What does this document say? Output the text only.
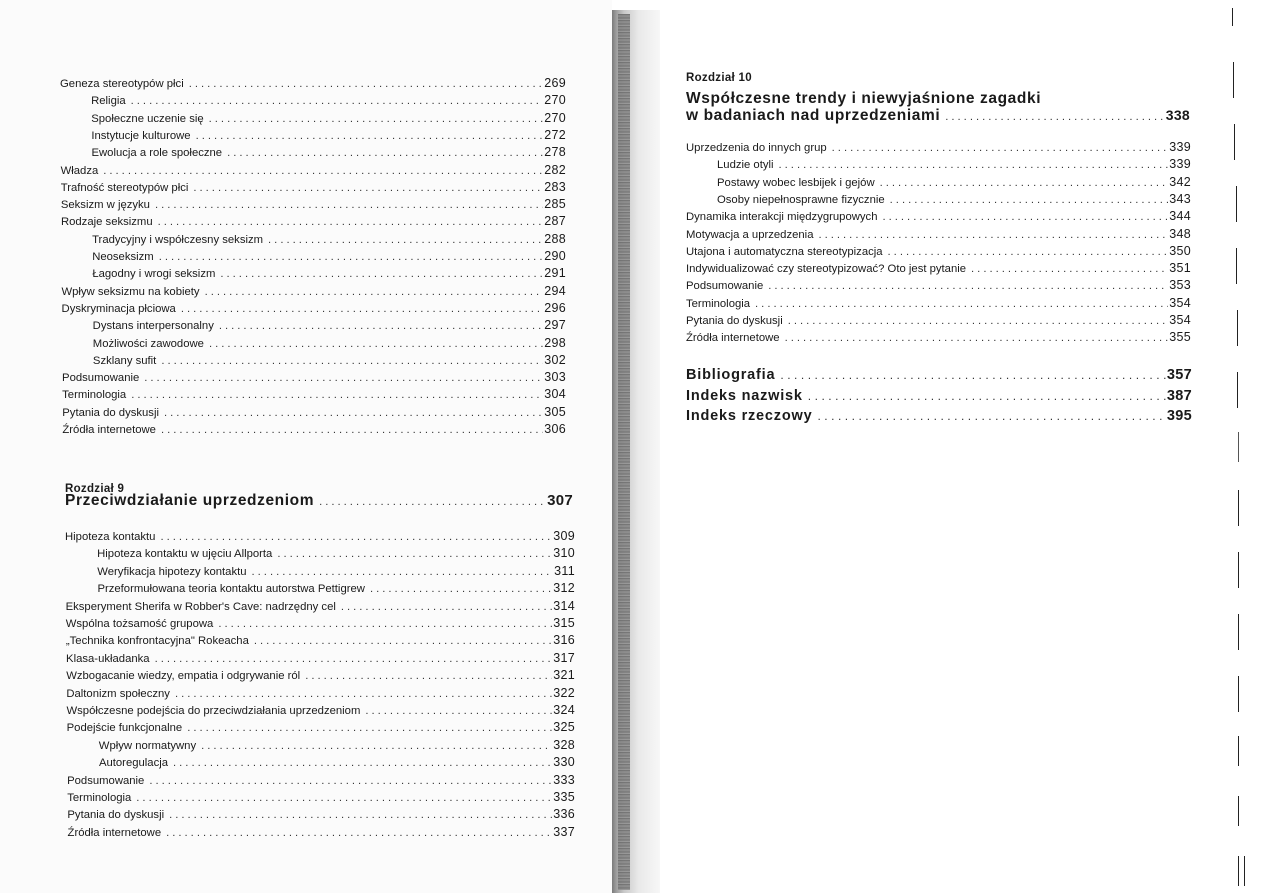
Geneza stereotypów płci .....	269
Religia .....	270
Społeczne uczenie się .....	270
Instytucje kulturowe .....	272
Ewolucja a role społeczne .....	278
Władza .....	282
Trafność stereotypów płci .....	283
Seksizm w języku .....	285
Rodzaje seksizmu .....	287
Tradycyjny i współczesny seksizm .....	288
Neoseksizm .....	290
Łagodny i wrogi seksizm .....	291
Wpływ seksizmu na kobiety .....	294
Dyskryminacja płciowa .....	296
Dystans interpersonalny .....	297
Możliwości zawodowe .....	298
Szklany sufit .....	302
Podsumowanie .....	303
Terminologia .....	304
Pytania do dyskusji .....	305
Źródła internetowe .....	306
Rozdział 9
Przeciwdziałanie uprzedzeniom .....	307
Hipoteza kontaktu .....	309
Hipoteza kontaktu w ujęciu Allporta .....	310
Weryfikacja hipotezy kontaktu .....	311
Przeformułowana teoria kontaktu autorstwa Pettigrew .....	312
Eksperyment Sherifa w Robber's Cave: nadrzędny cel .....	314
Wspólna tożsamość grupowa .....	315
„Technika konfrontacyjna" Rokeacha .....	316
Klasa-układanka .....	317
Wzbogacanie wiedzy, empatia i odgrywanie ról .....	321
Daltonizm społeczny .....	322
Współczesne podejścia do przeciwdziałania uprzedzeniom .....	324
Podejście funkcjonalne .....	325
Wpływ normatywny .....	328
Autoregulacja .....	330
Podsumowanie .....	333
Terminologia .....	335
Pytania do dyskusji .....	336
Źródła internetowe .....	337
Rozdział 10
Współczesne trendy i niewyjaśnione zagadki
w badaniach nad uprzedzeniami .....	338
Uprzedzenia do innych grup .....	339
Ludzie otyli .....	339
Postawy wobec lesbijek i gejów .....	342
Osoby niepełnosprawne fizycznie .....	343
Dynamika interakcji międzygrupowych .....	344
Motywacja a uprzedzenia .....	348
Utajona i automatyczna stereotypizacja .....	350
Indywidualizować czy stereotypizować? Oto jest pytanie .....	351
Podsumowanie .....	353
Terminologia .....	354
Pytania do dyskusji .....	354
Źródła internetowe .....	355
Bibliografia .....	357
Indeks nazwisk .....	387
Indeks rzeczowy .....	395
